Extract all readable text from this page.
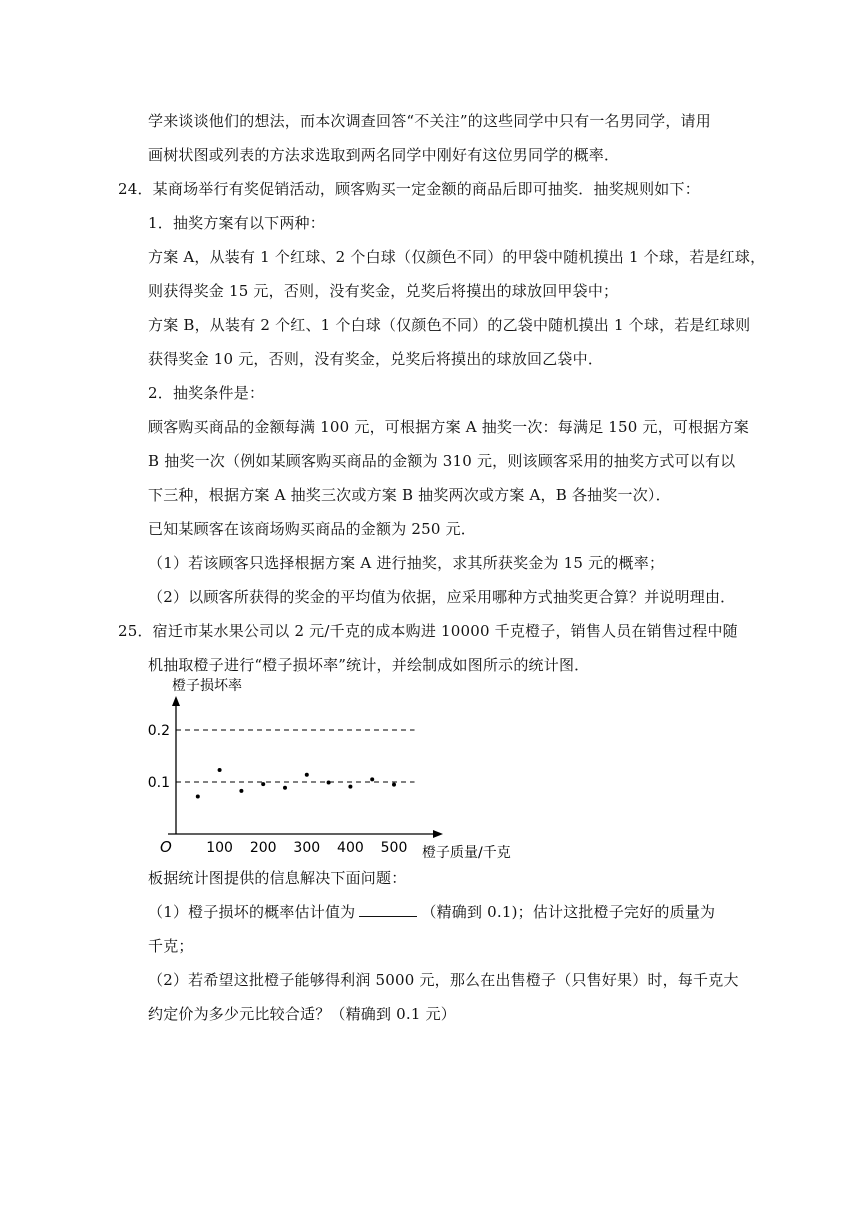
学来谈谈他们的想法，而本次调查回答“不关注”的这些同学中只有一名男同学，请用
画树状图或列表的方法求选取到两名同学中刚好有这位男同学的概率．
24．某商场举行有奖促销活动，顾客购买一定金额的商品后即可抽奖．抽奖规则如下：
1．抽奖方案有以下两种：
方案 A，从装有 1 个红球、2 个白球（仅颜色不同）的甲袋中随机摸出 1 个球，若是红球，
则获得奖金 15 元，否则，没有奖金，兑奖后将摸出的球放回甲袋中；
方案 B，从装有 2 个红、1 个白球（仅颜色不同）的乙袋中随机摸出 1 个球，若是红球则
获得奖金 10 元，否则，没有奖金，兑奖后将摸出的球放回乙袋中．
2．抽奖条件是：
顾客购买商品的金额每满 100 元，可根据方案 A 抽奖一次：每满足 150 元，可根据方案
B 抽奖一次（例如某顾客购买商品的金额为 310 元，则该顾客采用的抽奖方式可以有以
下三种，根据方案 A 抽奖三次或方案 B 抽奖两次或方案 A，B 各抽奖一次）．
已知某顾客在该商场购买商品的金额为 250 元．
（1）若该顾客只选择根据方案 A 进行抽奖，求其所获奖金为 15 元的概率；
（2）以顾客所获得的奖金的平均值为依据，应采用哪种方式抽奖更合算？并说明理由．
25．宿迁市某水果公司以 2 元/千克的成本购进 10000 千克橙子，销售人员在销售过程中随
机抽取橙子进行“橙子损坏率”统计，并绘制成如图所示的统计图．
橙子损坏率
橙子质量/千克
O
0.1
0.2
100 200 300 400 500
板据统计图提供的信息解决下面问题：
（1）橙子损坏的概率估计值为	（精确到 0.1)；估计这批橙子完好的质量为
千克；
（2）若希望这批橙子能够得利润 5000 元，那么在出售橙子（只售好果）时，每千克大
约定价为多少元比较合适？（精确到 0.1 元）
